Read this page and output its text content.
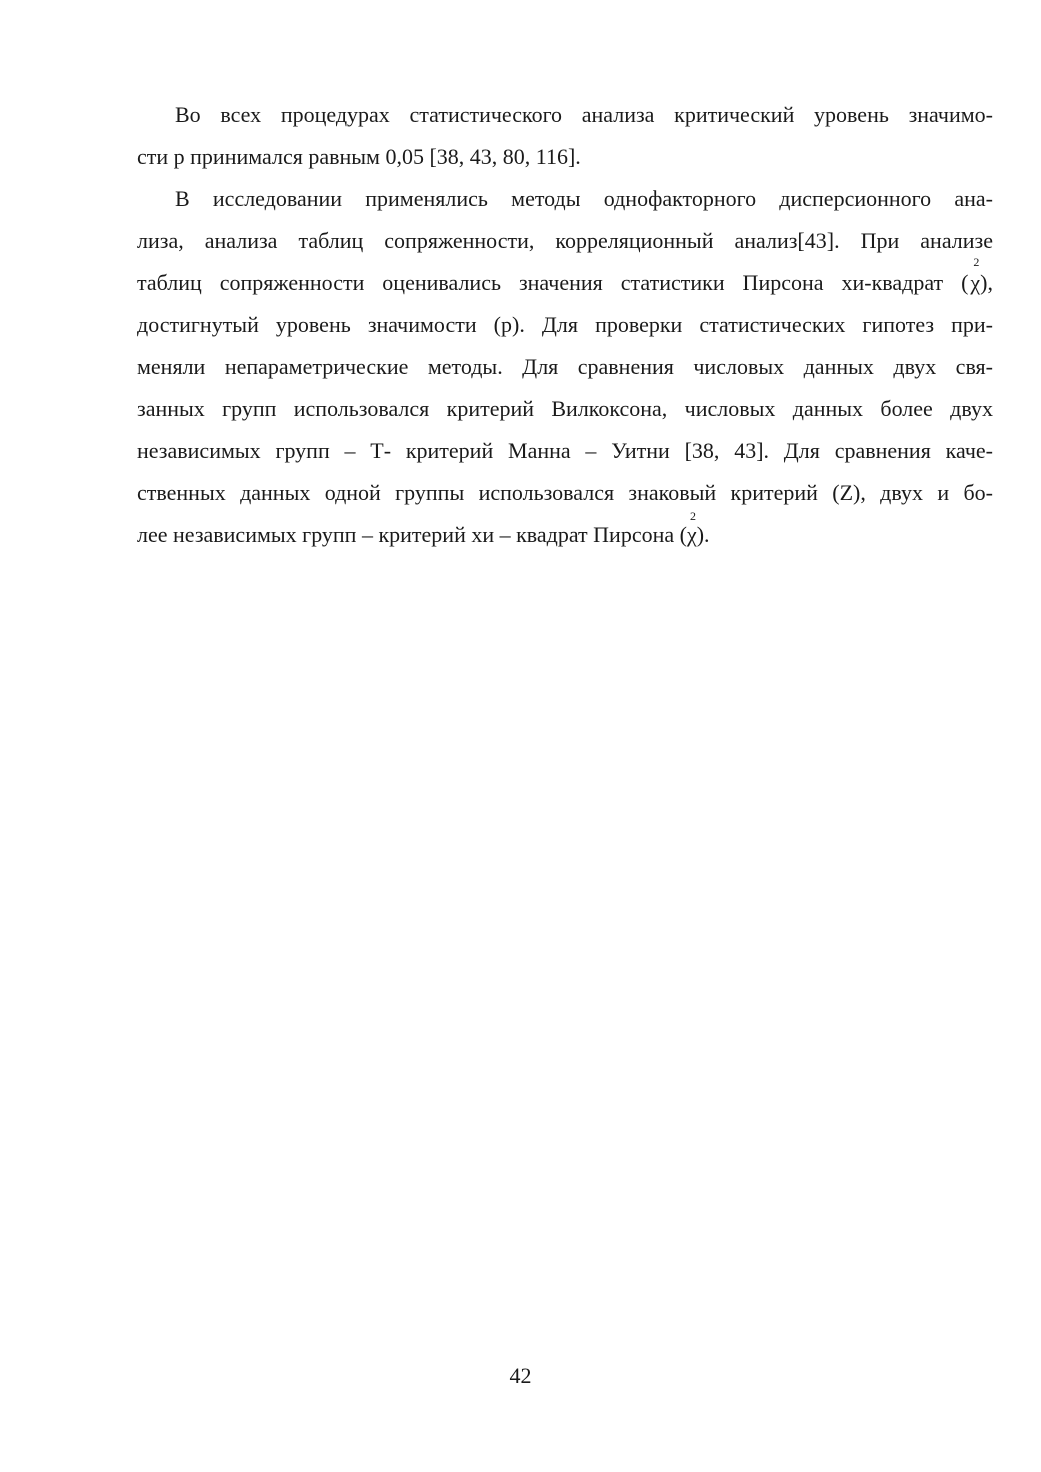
Во всех процедурах статистического анализа критический уровень значимо-
сти р принимался равным 0,05 [38, 43, 80, 116].
В исследовании применялись методы однофакторного дисперсионного ана-
лиза, анализа таблиц сопряженности, корреляционный анализ[43]. При анализе
таблиц сопряженности оценивались значения статистики Пирсона хи-квадрат ( χ
2
),
достигнутый уровень значимости (р). Для проверки статистических гипотез при-
меняли непараметрические методы. Для сравнения числовых данных двух свя-
занных групп использовался критерий Вилкоксона, числовых данных более двух
независимых групп – Т- критерий Манна – Уитни [38, 43]. Для сравнения каче-
ственных данных одной группы использовался знаковый критерий (Z), двух и бо-
лее независимых групп – критерий хи – квадрат Пирсона (χ
2
).
42
